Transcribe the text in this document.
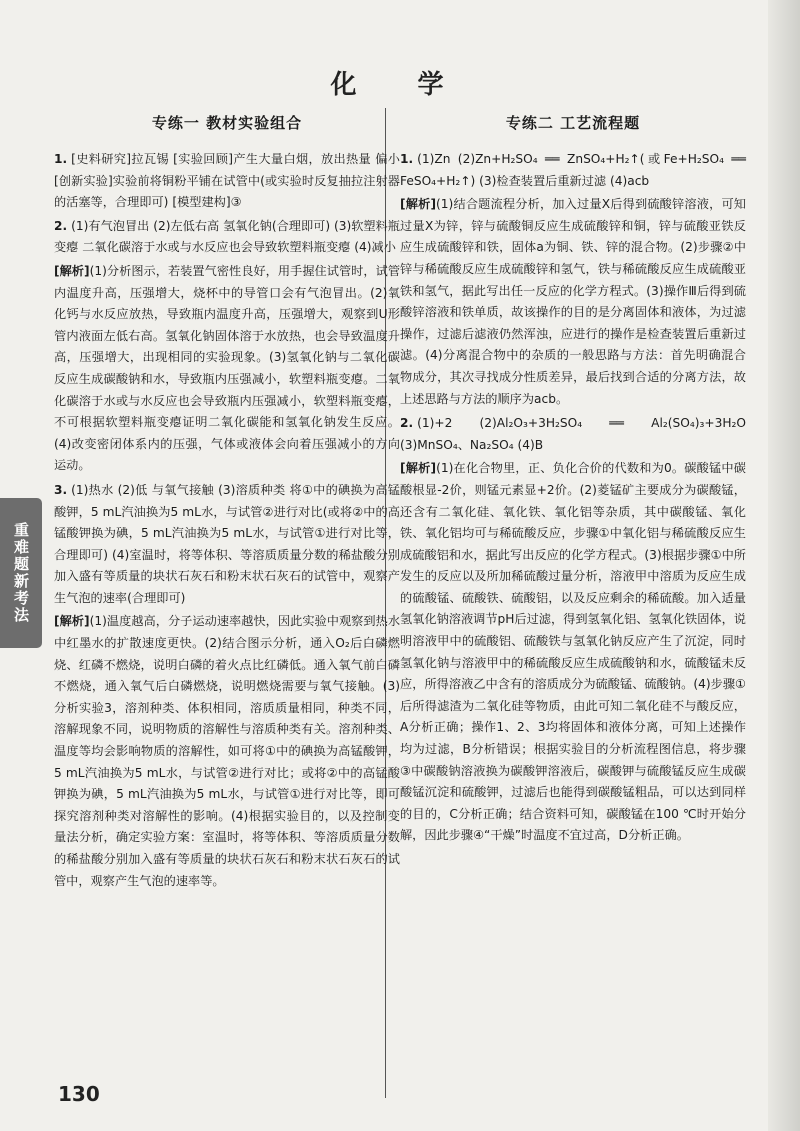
化 学
专练一 教材实验组合

1. [史料研究]拉瓦锡 [实验回顾]产生大量白烟，放出热量 偏小 [创新实验]实验前将铜粉平铺在试管中(或实验时反复抽拉注射器的活塞等，合理即可) [模型建构]③

2. (1)有气泡冒出 (2)左低右高 氢氧化钠(合理即可) (3)软塑料瓶变瘪 二氧化碳溶于水或与水反应也会导致软塑料瓶变瘪 (4)减小

[解析](1)分析图示，若装置气密性良好，用手握住试管时，试管内温度升高，压强增大，烧杯中的导管口会有气泡冒出。(2)氧化钙与水反应放热，导致瓶内温度升高，压强增大，观察到U形管内液面左低右高。氢氧化钠固体溶于水放热，也会导致温度升高，压强增大，出现相同的实验现象。(3)氢氧化钠与二氧化碳反应生成碳酸钠和水，导致瓶内压强减小，软塑料瓶变瘪。二氧化碳溶于水或与水反应也会导致瓶内压强减小，软塑料瓶变瘪，不可根据软塑料瓶变瘪证明二氧化碳能和氢氧化钠发生反应。(4)改变密闭体系内的压强，气体或液体会向着压强减小的方向运动。

3. (1)热水 (2)低 与氧气接触 (3)溶质种类 将①中的碘换为高锰酸钾，5 mL汽油换为5 mL水，与试管②进行对比(或将②中的高锰酸钾换为碘，5 mL汽油换为5 mL水，与试管①进行对比等，合理即可) (4)室温时，将等体积、等溶质质量分数的稀盐酸分别加入盛有等质量的块状石灰石和粉末状石灰石的试管中，观察产生气泡的速率(合理即可)

[解析](1)温度越高，分子运动速率越快，因此实验中观察到热水中红墨水的扩散速度更快。(2)结合图示分析，通入O₂后白磷燃烧、红磷不燃烧，说明白磷的着火点比红磷低。通入氧气前白磷不燃烧，通入氧气后白磷燃烧，说明燃烧需要与氧气接触。(3)分析实验3，溶剂种类、体积相同，溶质质量相同，种类不同，溶解现象不同，说明物质的溶解性与溶质种类有关。溶剂种类、温度等均会影响物质的溶解性，如可将①中的碘换为高锰酸钾，5 mL汽油换为5 mL水，与试管②进行对比；或将②中的高锰酸钾换为碘，5 mL汽油换为5 mL水，与试管①进行对比等，即可探究溶剂种类对溶解性的影响。(4)根据实验目的，以及控制变量法分析，确定实验方案：室温时，将等体积、等溶质质量分数的稀盐酸分别加入盛有等质量的块状石灰石和粉末状石灰石的试管中，观察产生气泡的速率等。

专练二 工艺流程题

1. (1)Zn (2)Zn+H₂SO₄ ══ ZnSO₄+H₂↑(或Fe+H₂SO₄ ══ FeSO₄+H₂↑) (3)检查装置后重新过滤 (4)acb

[解析](1)结合题流程分析，加入过量X后得到硫酸锌溶液，可知过量X为锌，锌与硫酸铜反应生成硫酸锌和铜，锌与硫酸亚铁反应生成硫酸锌和铁，固体a为铜、铁、锌的混合物。(2)步骤②中锌与稀硫酸反应生成硫酸锌和氢气，铁与稀硫酸反应生成硫酸亚铁和氢气，据此写出任一反应的化学方程式。(3)操作Ⅲ后得到硫酸锌溶液和铁单质，故该操作的目的是分离固体和液体，为过滤操作，过滤后滤液仍然浑浊，应进行的操作是检查装置后重新过滤。(4)分离混合物中的杂质的一般思路与方法：首先明确混合物成分，其次寻找成分性质差异，最后找到合适的分离方法，故上述思路与方法的顺序为acb。

2. (1)+2 (2)Al₂O₃+3H₂SO₄ ══ Al₂(SO₄)₃+3H₂O (3)MnSO₄、Na₂SO₄ (4)B

[解析](1)在化合物里，正、负化合价的代数和为0。碳酸锰中碳酸根显-2价，则锰元素显+2价。(2)菱锰矿主要成分为碳酸锰，还含有二氧化硅、氧化铁、氧化铝等杂质，其中碳酸锰、氧化铁、氧化铝均可与稀硫酸反应，步骤①中氧化铝与稀硫酸反应生成硫酸铝和水，据此写出反应的化学方程式。(3)根据步骤①中所发生的反应以及所加稀硫酸过量分析，溶液甲中溶质为反应生成的硫酸锰、硫酸铁、硫酸铝，以及反应剩余的稀硫酸。加入适量氢氧化钠溶液调节pH后过滤，得到氢氧化铝、氢氧化铁固体，说明溶液甲中的硫酸铝、硫酸铁与氢氧化钠反应产生了沉淀，同时氢氧化钠与溶液甲中的稀硫酸反应生成硫酸钠和水，硫酸锰未反应，所得溶液乙中含有的溶质成分为硫酸锰、硫酸钠。(4)步骤①后所得滤渣为二氧化硅等物质，由此可知二氧化硅不与酸反应，A分析正确；操作1、2、3均将固体和液体分离，可知上述操作均为过滤，B分析错误；根据实验目的分析流程图信息，将步骤③中碳酸钠溶液换为碳酸钾溶液后，碳酸钾与硫酸锰反应生成碳酸锰沉淀和硫酸钾，过滤后也能得到碳酸锰粗品，可以达到同样的目的，C分析正确；结合资料可知，碳酸锰在100 ℃时开始分解，因此步骤④“干燥”时温度不宜过高，D分析正确。

重难题新考法
130
